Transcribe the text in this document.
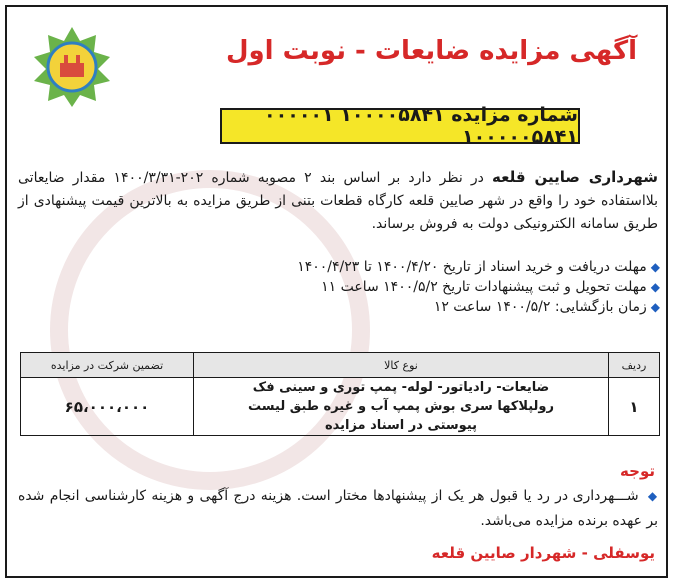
آگهی مزایده ضایعات - نوبت اول
شماره مزایده ۱۰۰۰۰۵۸۴۱ ۰۰۰۰۰۱ ۱۰۰۰۰۰۵۸۴۱
شهرداری صایین قلعه در نظر دارد بر اساس بند ۲ مصوبه شماره ۲۰۲-۱۴۰۰/۳/۳۱ مقدار ضایعاتی بلااستفاده خود را واقع در شهر صایین قلعه کارگاه قطعات بتنی از طریق مزایده به بالاترین قیمت پیشنهادی از طریق سامانه الکترونیکی دولت به فروش برساند.
◆
مهلت دریافت و خرید اسناد از تاریخ ۱۴۰۰/۴/۲۰ تا ۱۴۰۰/۴/۲۳
◆
مهلت تحویل و ثبت پیشنهادات تاریخ ۱۴۰۰/۵/۲ ساعت ۱۱
◆
زمان بازگشایی: ۱۴۰۰/۵/۲ ساعت ۱۲
ردیف	نوع کالا	تضمین شرکت در مزایده
۱	ضایعات- رادیاتور- لوله- پمپ توری و سینی فک رولپلاکها سری بوش پمپ آب و غیره طبق لیست پیوستی در اسناد مزایده	۶۵،۰۰۰،۰۰۰
توجه
◆ شـــهرداری در رد یا قبول هر یک از پیشنهادها مختار است. هزینه درج آگهی و هزینه کارشناسی انجام شده بر عهده برنده مزایده می‌باشد.
یوسفلی - شهردار صایین قلعه
